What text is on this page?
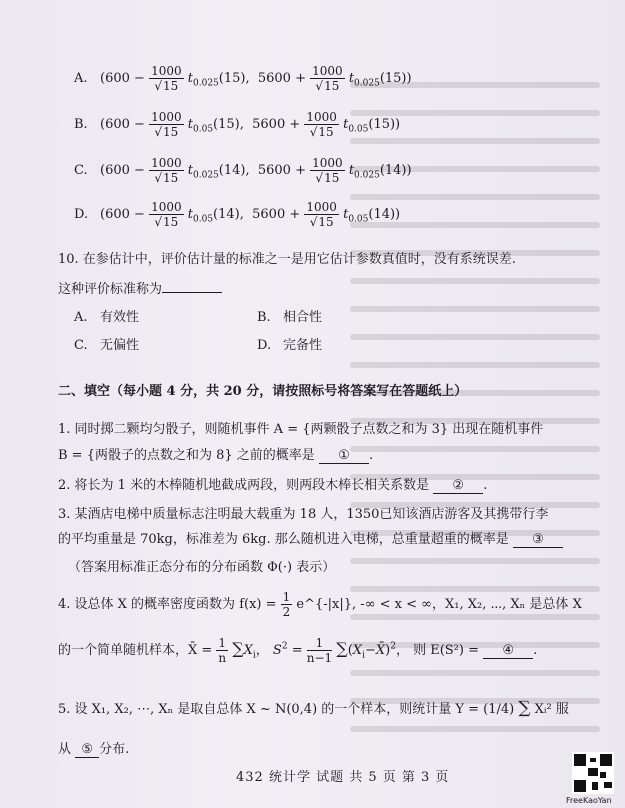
A. ($600 - \frac{1000}{√15} t_{0.025}(15)$,  $5600 + \frac{1000}{√15} t_{0.025}(15)$)
B. ($600 - \frac{1000}{√15} t_{0.05}(15)$,  $5600 + \frac{1000}{√15} t_{0.05}(15)$)
C. ($600 - \frac{1000}{√15} t_{0.025}(14)$,  $5600 + \frac{1000}{√15} t_{0.025}(14)$)
D. ($600 - \frac{1000}{√15} t_{0.05}(14)$,  $5600 + \frac{1000}{√15} t_{0.05}(14)$)
10. 在参估计中，评价估计量的标准之一是用它估计参数真值时，没有系统误差.
这种评价标准称为
A. 有效性	B. 相合性
C. 无偏性	D. 完备性
二、填空（每小题 4 分，共 20 分，请按照标号将答案写在答题纸上）
1. 同时掷二颗均匀骰子，则随机事件 A = {两颗骰子点数之和为 3} 出现在随机事件
B = {两骰子的点数之和为 8} 之前的概率是 ① .
2. 将长为 1 米的木棒随机地截成两段，则两段木棒长相关系数是 ② .
3. 某酒店电梯中质量标志注明最大载重为 18 人，1350已知该酒店游客及其携带行李
的平均重量是 70kg，标准差为 6kg. 那么随机进入电梯，总重量超重的概率是 ③
（答案用标准正态分布的分布函数 Φ(·) 表示）
4. 设总体 X 的概率密度函数为 $f(x) = \frac{1}{2}$ e^{-|x|}, -∞ < x < ∞，X₁, X₂, ⋯, Xₙ 是总体 X
的一个简单随机样本，X̄ = $\frac{1}{n} \sum X_i$， $S^2 = \frac{1}{n-1}$ $\sum(X_i-X̄)^2$， 则 E(S²) = ④ .
5. 设 X₁, X₂, ⋯, Xₙ 是取自总体 X ~ N(0,4) 的一个样本，则统计量 Y = (1/4) ∑ Xᵢ² 服
从 ⑤ 分布.
432 统计学 试题 共 5 页 第 3 页
FreeKaoYan
